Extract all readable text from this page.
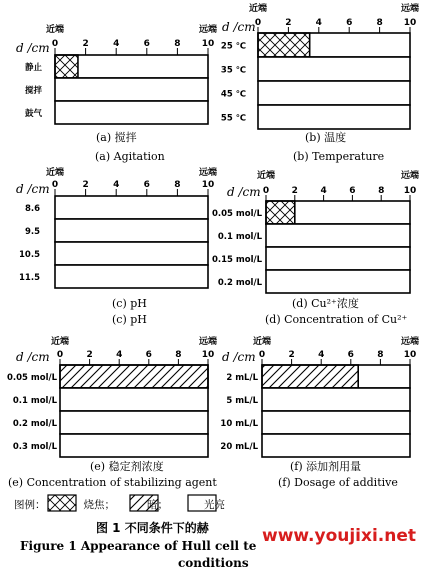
d /cm
近端	远端
0	2	4	6	8 10
静止
搅拌
鼓气
d /cm
近端	远端
0	2	4	6	8 10
25 ℃
35 ℃
45 ℃
55 ℃
d /cm
近端	远端
0	2	4	6	8 10
8.6
9.5
10.5
11.5
d /cm
近端	远端
0	2	4	6	8 10
0.05 mol/L
0.1 mol/L
0.15 mol/L
0.2 mol/L
d /cm
近端	远端
0	2	4	6	8 10
0.05 mol/L
0.1 mol/L
0.2 mol/L
0.3 mol/L
d /cm
近端	远端
0	2	4	6	8 10
2 mL/L
5 mL/L
10 mL/L
20 mL/L
(a) 搅拌
(a) Agitation
(b) 温度
(b) Temperature
(c) pH
(c) pH
(d) Cu²⁺浓度
(d) Concentration of Cu²⁺
(e) 稳定剂浓度
(e) Concentration of stabilizing agent
(f) 添加剂用量
(f) Dosage of additive
图例：	烧焦；	暗；	光亮
图 1 不同条件下的赫
Figure 1 Appearance of Hull cell te
conditions
www.youjixi.net
